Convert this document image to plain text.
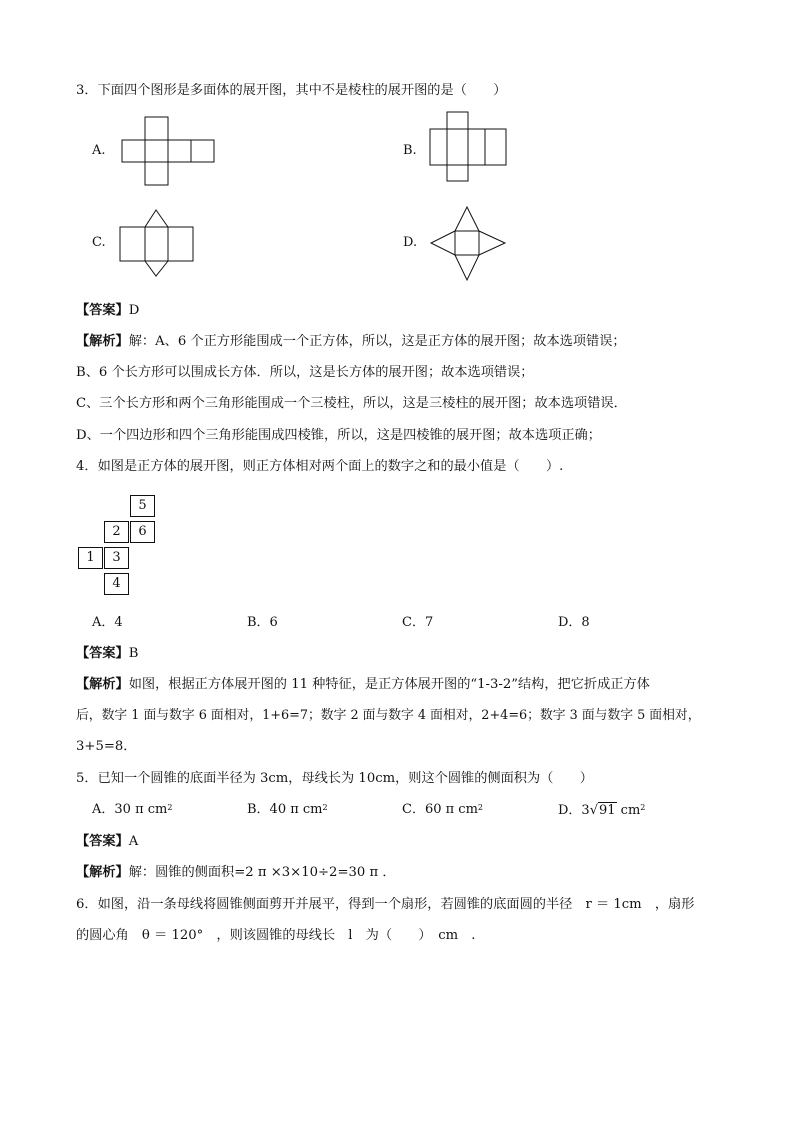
3．下面四个图形是多面体的展开图，其中不是棱柱的展开图的是（　　）
A.	B.
C.	D.
【答案】D
【解析】解：A、6 个正方形能围成一个正方体，所以，这是正方体的展开图；故本选项错误；
B、6 个长方形可以围成长方体．所以，这是长方体的展开图；故本选项错误；
C、三个长方形和两个三角形能围成一个三棱柱，所以，这是三棱柱的展开图；故本选项错误．
D、一个四边形和四个三角形能围成四棱锥，所以，这是四棱锥的展开图；故本选项正确；
4．如图是正方体的展开图，则正方体相对两个面上的数字之和的最小值是（　　）.
5
2	6
1	3
4
A．4	B．6	C．7	D．8
【答案】B
【解析】如图，根据正方体展开图的 11 种特征，是正方体展开图的“1-3-2”结构，把它折成正方体
后，数字 1 面与数字 6 面相对，1+6=7；数字 2 面与数字 4 面相对，2+4=6；数字 3 面与数字 5 面相对，
3+5=8．
5．已知一个圆锥的底面半径为 3cm，母线长为 10cm，则这个圆锥的侧面积为（　　）
A．30 π $cm^2$	B．40 π $cm^2$	C．60 π $cm^2$	D．3√91 $cm^2$
【答案】A
【解析】解：圆锥的侧面积=2 π ×3×10÷2=30 π ．
6．如图，沿一条母线将圆锥侧面剪开并展平，得到一个扇形，若圆锥的底面圆的半径　r ＝ 1cm　，扇形
的圆心角　θ ＝ 120°　，则该圆锥的母线长　l　为（　　）　cm　.
